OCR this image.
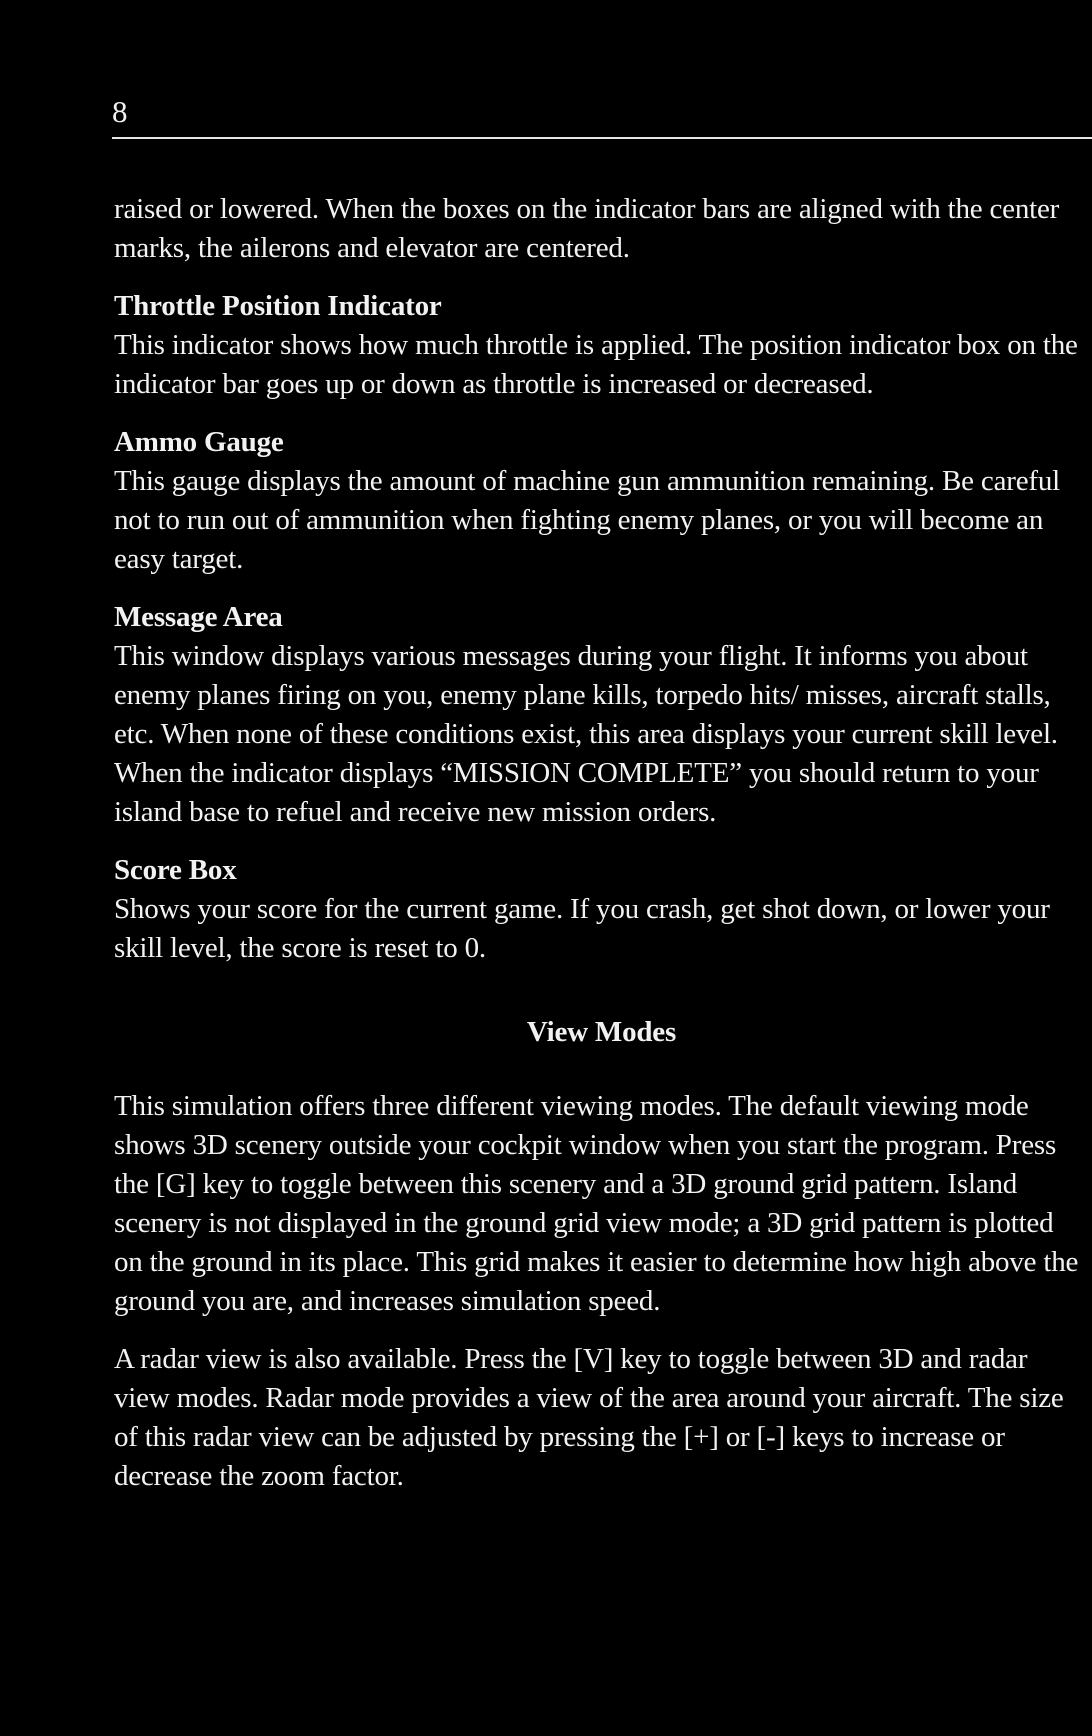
8

raised or lowered. When the boxes on the indicator bars are aligned with the center marks, the ailerons and elevator are centered.

Throttle Position Indicator

This indicator shows how much throttle is applied. The position indicator box on the indicator bar goes up or down as throttle is increased or decreased.

Ammo Gauge

This gauge displays the amount of machine gun ammunition remaining. Be careful not to run out of ammunition when fighting enemy planes, or you will become an easy target.

Message Area

This window displays various messages during your flight. It informs you about enemy planes firing on you, enemy plane kills, torpedo hits/ misses, aircraft stalls, etc. When none of these conditions exist, this area displays your current skill level. When the indicator displays “MISSION COMPLETE” you should return to your island base to refuel and receive new mission orders.

Score Box

Shows your score for the current game. If you crash, get shot down, or lower your skill level, the score is reset to 0.

View Modes

This simulation offers three different viewing modes. The default viewing mode shows 3D scenery outside your cockpit window when you start the program. Press the [G] key to toggle between this scenery and a 3D ground grid pattern. Island scenery is not displayed in the ground grid view mode; a 3D grid pattern is plotted on the ground in its place. This grid makes it easier to determine how high above the ground you are, and increases simulation speed.

A radar view is also available. Press the [V] key to toggle between 3D and radar view modes. Radar mode provides a view of the area around your aircraft. The size of this radar view can be adjusted by pressing the [+] or [-] keys to increase or decrease the zoom factor.
